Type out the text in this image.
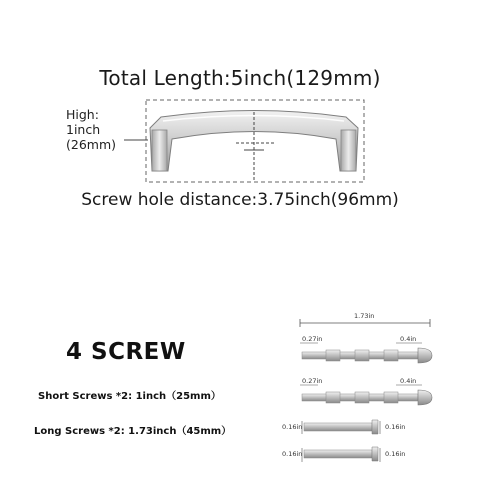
Total Length:5inch(129mm)
High:
1inch
(26mm)
Screw hole distance:3.75inch(96mm)
4 SCREW
Short Screws *2: 1inch（25mm）
Long Screws *2: 1.73inch（45mm）
1.73in
0.27in	0.4in
0.27in	0.4in
0.16in	0.16in
0.16in	0.16in
